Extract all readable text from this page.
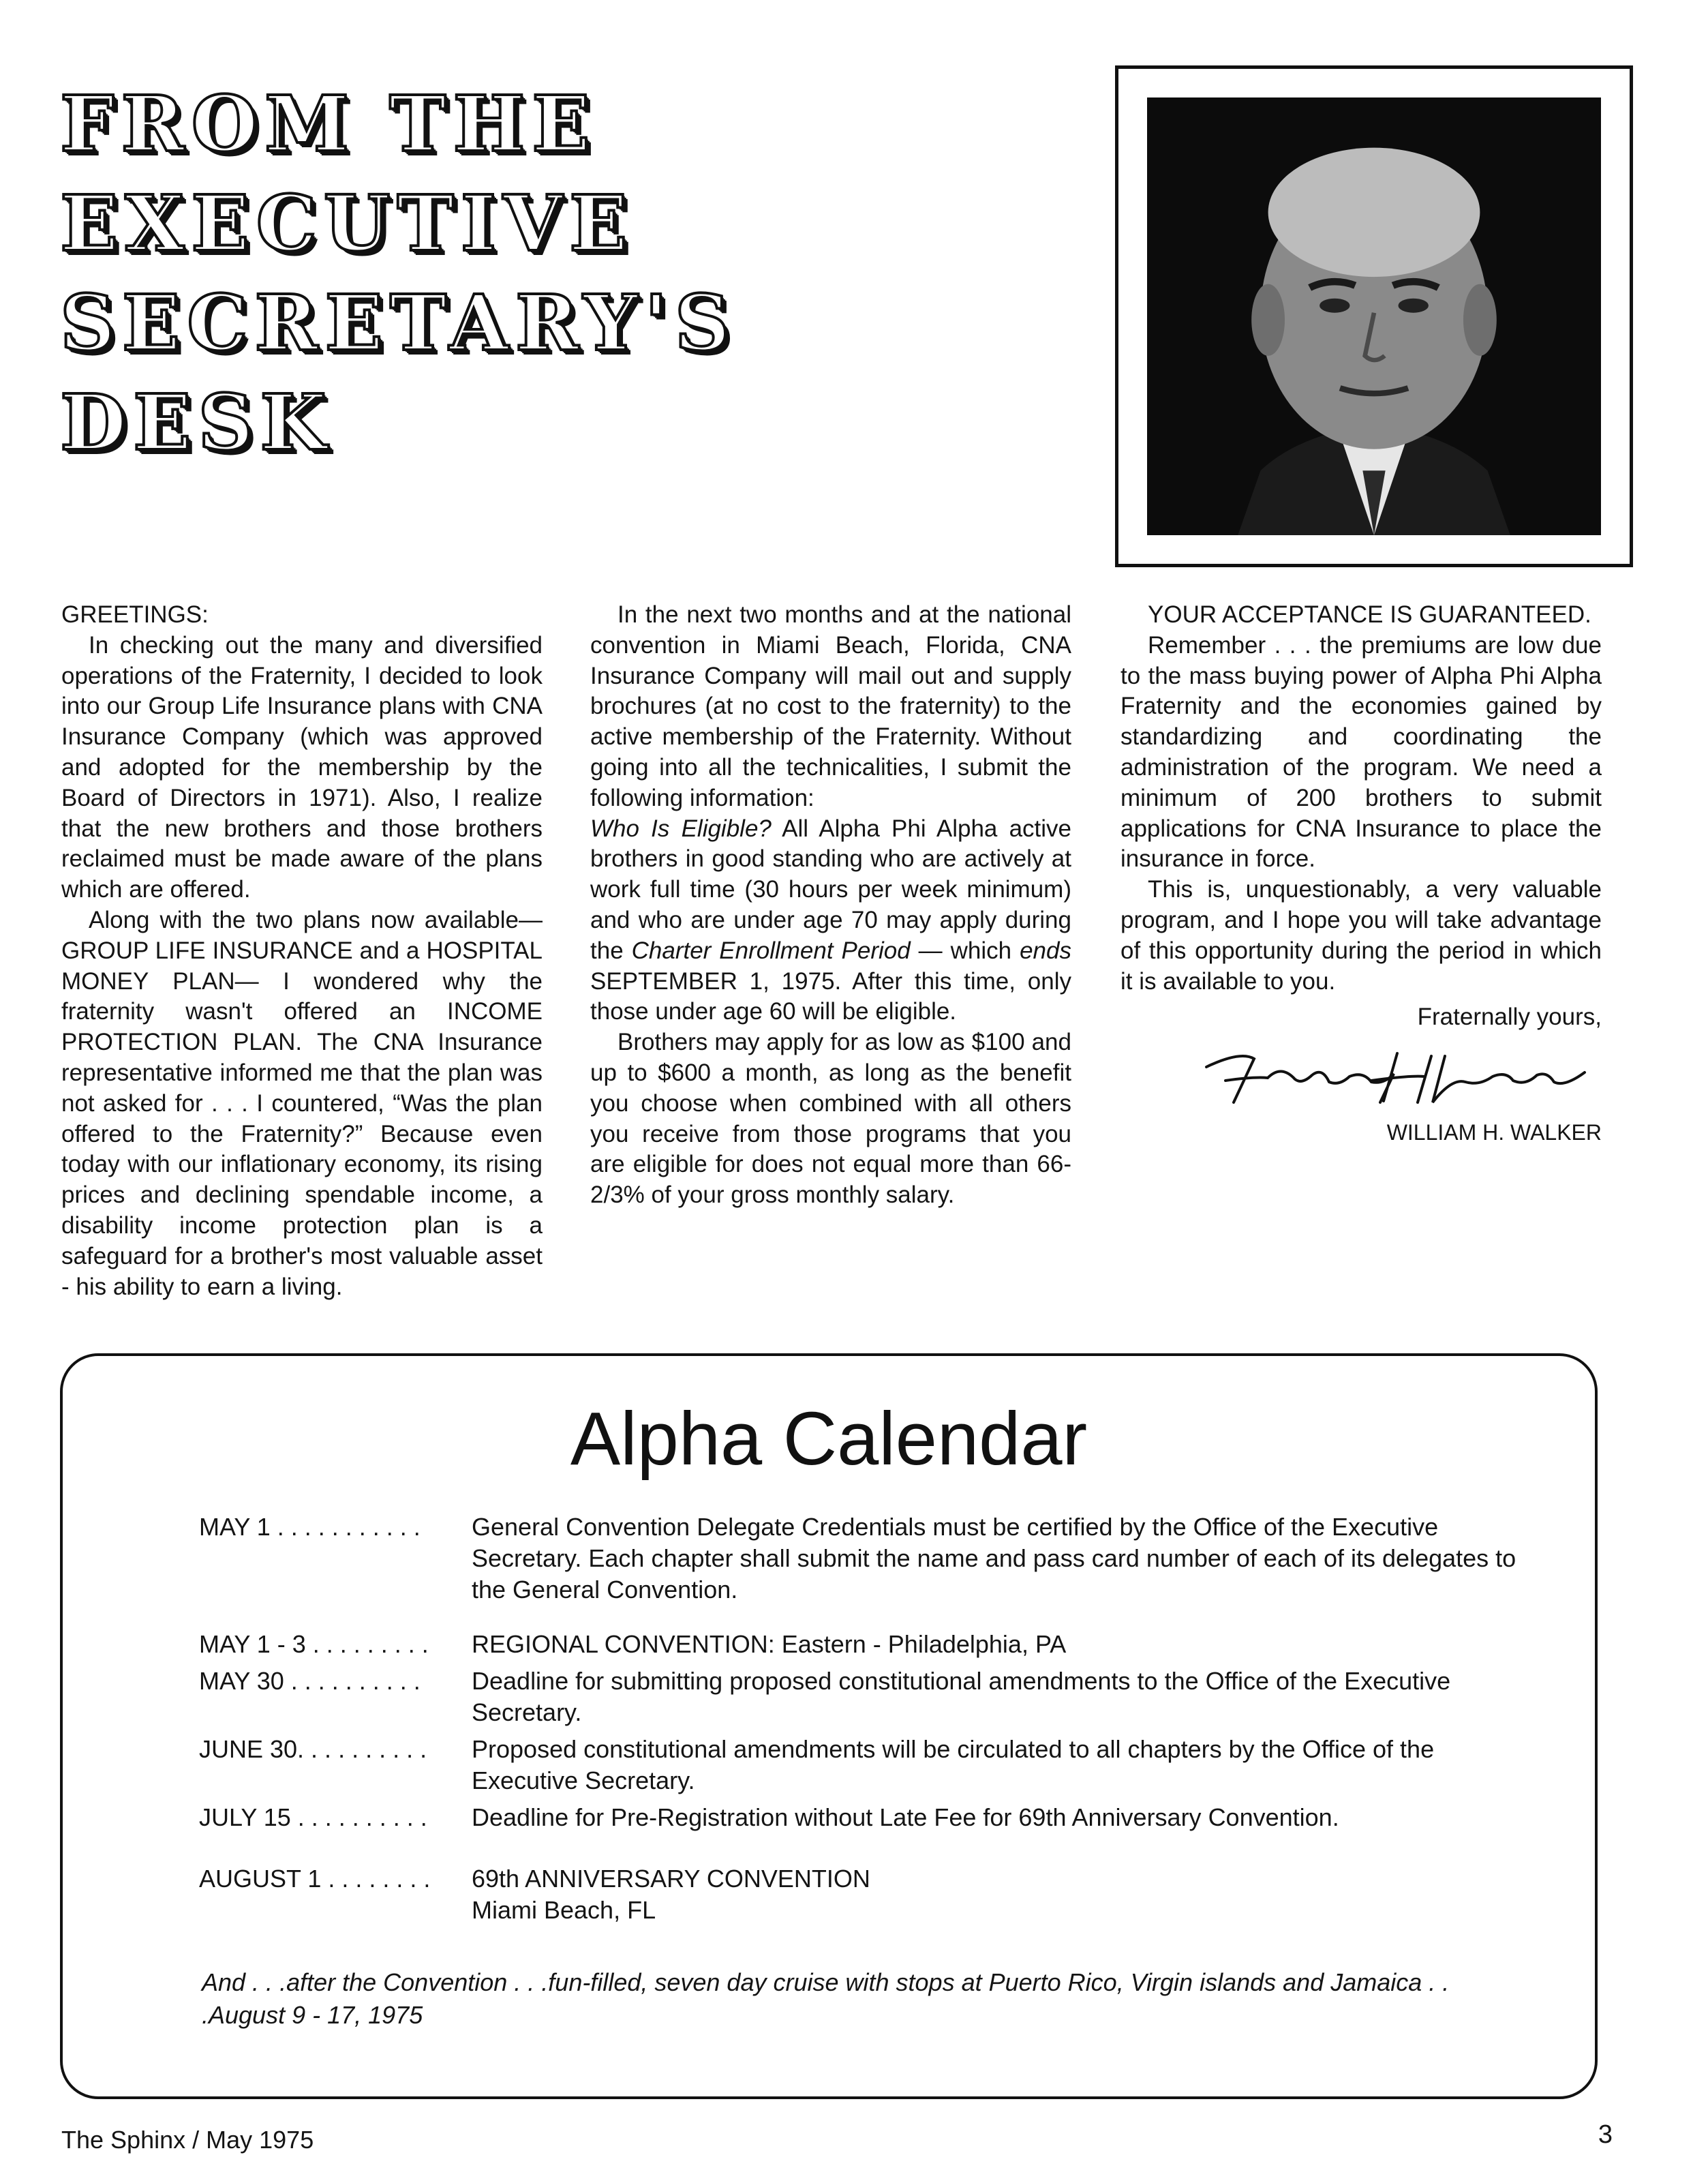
FROM THE
EXECUTIVE
SECRETARY'S
DESK

GREETINGS:

In checking out the many and diversified operations of the Fraternity, I decided to look into our Group Life Insurance plans with CNA Insurance Company (which was approved and adopted for the membership by the Board of Directors in 1971). Also, I realize that the new brothers and those brothers reclaimed must be made aware of the plans which are offered.

Along with the two plans now available—GROUP LIFE INSURANCE and a HOSPITAL MONEY PLAN— I wondered why the fraternity wasn't offered an INCOME PROTECTION PLAN. The CNA Insurance representative informed me that the plan was not asked for . . . I countered, “Was the plan offered to the Fraternity?” Because even today with our inflationary economy, its rising prices and declining spendable income, a disability income protection plan is a safeguard for a brother's most valuable asset - his ability to earn a living.

In the next two months and at the national convention in Miami Beach, Florida, CNA Insurance Company will mail out and supply brochures (at no cost to the fraternity) to the active membership of the Fraternity. Without going into all the technicalities, I submit the following information:

Who Is Eligible? All Alpha Phi Alpha active brothers in good standing who are actively at work full time (30 hours per week minimum) and who are under age 70 may apply during the Charter Enrollment Period — which ends SEPTEMBER 1, 1975. After this time, only those under age 60 will be eligible.

Brothers may apply for as low as $100 and up to $600 a month, as long as the benefit you choose when combined with all others you receive from those programs that you are eligible for does not equal more than 66-2/3% of your gross monthly salary.

YOUR ACCEPTANCE IS GUARANTEED.

Remember . . . the premiums are low due to the mass buying power of Alpha Phi Alpha Fraternity and the economies gained by standardizing and coordinating the administration of the program. We need a minimum of 200 brothers to submit applications for CNA Insurance to place the insurance in force.

This is, unquestionably, a very valuable program, and I hope you will take advantage of this opportunity during the period in which it is available to you.

Fraternally yours,

WILLIAM H. WALKER

Alpha Calendar
MAY 1 . . . . . . . . . . .	General Convention Delegate Credentials must be certified by the Office of the Executive Secretary. Each chapter shall submit the name and pass card number of each of its delegates to the General Convention.
MAY 1 - 3 . . . . . . . . .	REGIONAL CONVENTION: Eastern - Philadelphia, PA
MAY 30 . . . . . . . . . .	Deadline for submitting proposed constitutional amendments to the Office of the Executive Secretary.
JUNE 30. . . . . . . . . .	Proposed constitutional amendments will be circulated to all chapters by the Office of the Executive Secretary.
JULY 15 . . . . . . . . . .	Deadline for Pre-Registration without Late Fee for 69th Anniversary Convention.
AUGUST 1 . . . . . . . .	69th ANNIVERSARY CONVENTION
Miami Beach, FL
And . . .after the Convention . . .fun-filled, seven day cruise with stops at Puerto Rico, Virgin islands and Jamaica . . .August 9 - 17, 1975
The Sphinx / May 1975	3
